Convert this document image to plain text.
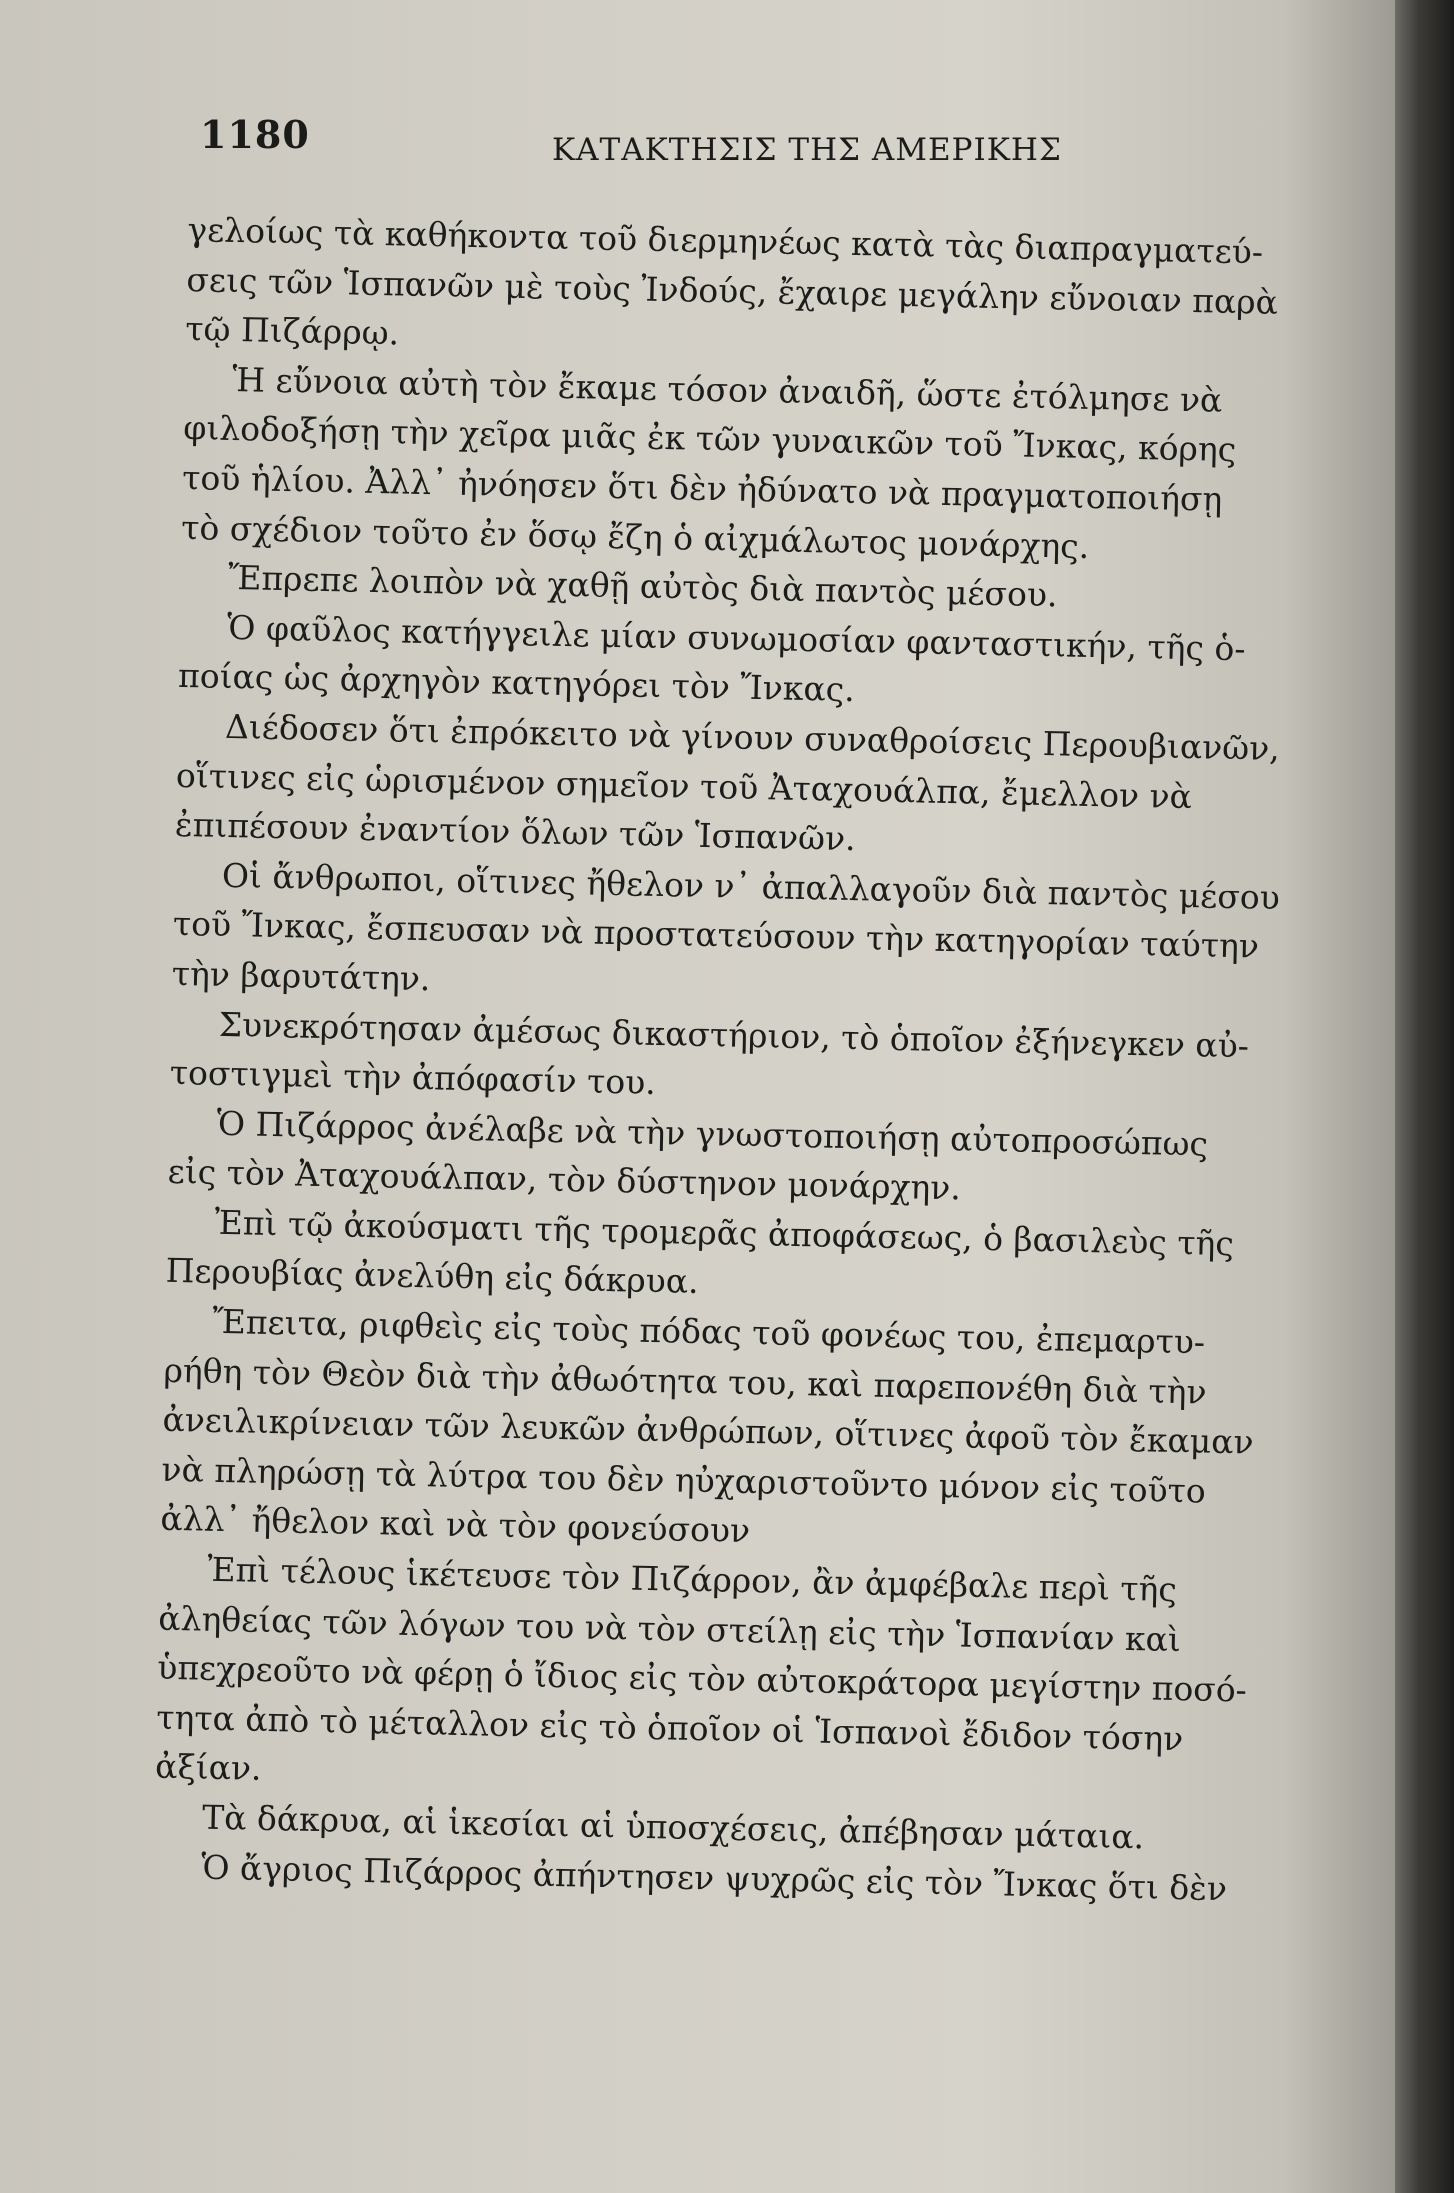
1180	ΚΑΤΑΚΤΗΣΙΣ ΤΗΣ ΑΜΕΡΙΚΗΣ
γελοίως τὰ καθήκοντα τοῦ διερμηνέως κατὰ τὰς διαπραγματεύ-
σεις τῶν Ἱσπανῶν μὲ τοὺς Ἰνδούς, ἔχαιρε μεγάλην εὔνοιαν παρὰ
τῷ Πιζάρρῳ.
Ἡ εὔνοια αὐτὴ τὸν ἔκαμε τόσον ἀναιδῆ, ὥστε ἐτόλμησε νὰ
φιλοδοξήσῃ τὴν χεῖρα μιᾶς ἐκ τῶν γυναικῶν τοῦ Ἴνκας, κόρης
τοῦ ἡλίου. Ἀλλ᾽ ἠνόησεν ὅτι δὲν ἠδύνατο νὰ πραγματοποιήσῃ
τὸ σχέδιον τοῦτο ἐν ὅσῳ ἔζη ὁ αἰχμάλωτος μονάρχης.
Ἔπρεπε λοιπὸν νὰ χαθῇ αὐτὸς διὰ παντὸς μέσου.
Ὁ φαῦλος κατήγγειλε μίαν συνωμοσίαν φανταστικήν, τῆς ὁ-
ποίας ὡς ἀρχηγὸν κατηγόρει τὸν Ἴνκας.
Διέδοσεν ὅτι ἐπρόκειτο νὰ γίνουν συναθροίσεις Περουβιανῶν,
οἵτινες εἰς ὡρισμένον σημεῖον τοῦ Ἀταχουάλπα, ἔμελλον νὰ
ἐπιπέσουν ἐναντίον ὅλων τῶν Ἱσπανῶν.
Οἱ ἄνθρωποι, οἵτινες ἤθελον ν᾽ ἀπαλλαγοῦν διὰ παντὸς μέσου
τοῦ Ἴνκας, ἔσπευσαν νὰ προστατεύσουν τὴν κατηγορίαν ταύτην
τὴν βαρυτάτην.
Συνεκρότησαν ἀμέσως δικαστήριον, τὸ ὁποῖον ἐξήνεγκεν αὐ-
τοστιγμεὶ τὴν ἀπόφασίν του.
Ὁ Πιζάρρος ἀνέλαβε νὰ τὴν γνωστοποιήσῃ αὐτοπροσώπως
εἰς τὸν Ἀταχουάλπαν, τὸν δύστηνον μονάρχην.
Ἐπὶ τῷ ἀκούσματι τῆς τρομερᾶς ἀποφάσεως, ὁ βασιλεὺς τῆς
Περουβίας ἀνελύθη εἰς δάκρυα.
Ἔπειτα, ριφθεὶς εἰς τοὺς πόδας τοῦ φονέως του, ἐπεμαρτυ-
ρήθη τὸν Θεὸν διὰ τὴν ἀθωότητα του, καὶ παρεπονέθη διὰ τὴν
ἀνειλικρίνειαν τῶν λευκῶν ἀνθρώπων, οἵτινες ἀφοῦ τὸν ἔκαμαν
νὰ πληρώσῃ τὰ λύτρα του δὲν ηὐχαριστοῦντο μόνον εἰς τοῦτο
ἀλλ᾽ ἤθελον καὶ νὰ τὸν φονεύσουν
Ἐπὶ τέλους ἱκέτευσε τὸν Πιζάρρον, ἂν ἀμφέβαλε περὶ τῆς
ἀληθείας τῶν λόγων του νὰ τὸν στείλῃ εἰς τὴν Ἱσπανίαν καὶ
ὑπεχρεοῦτο νὰ φέρῃ ὁ ἴδιος εἰς τὸν αὐτοκράτορα μεγίστην ποσό-
τητα ἀπὸ τὸ μέταλλον εἰς τὸ ὁποῖον οἱ Ἱσπανοὶ ἔδιδον τόσην
ἀξίαν.
Τὰ δάκρυα, αἱ ἱκεσίαι αἱ ὑποσχέσεις, ἀπέβησαν μάταια.
Ὁ ἄγριος Πιζάρρος ἀπήντησεν ψυχρῶς εἰς τὸν Ἴνκας ὅτι δὲν
